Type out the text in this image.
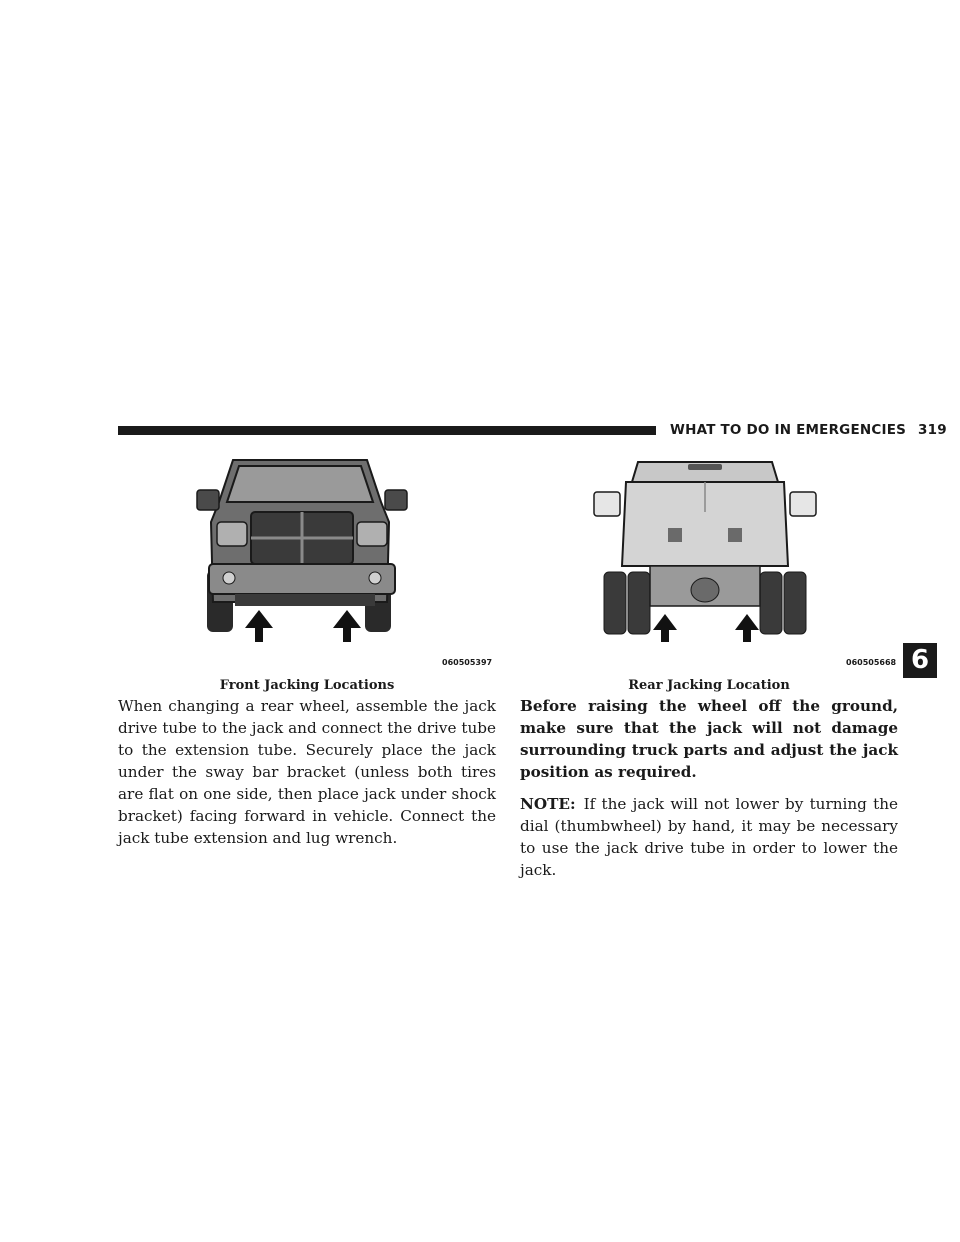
WHAT TO DO IN EMERGENCIES 319
6
060505397	060505668
Front Jacking Locations	Rear Jacking Location

When changing a rear wheel, assemble the jack drive tube to the jack and connect the drive tube to the extension tube. Securely place the jack under the sway bar bracket (unless both tires are flat on one side, then place jack under shock bracket) facing forward in vehicle. Connect the jack tube extension and lug wrench.

Before raising the wheel off the ground, make sure that the jack will not damage surrounding truck parts and adjust the jack position as required.

NOTE: If the jack will not lower by turning the dial (thumbwheel) by hand, it may be necessary to use the jack drive tube in order to lower the jack.
